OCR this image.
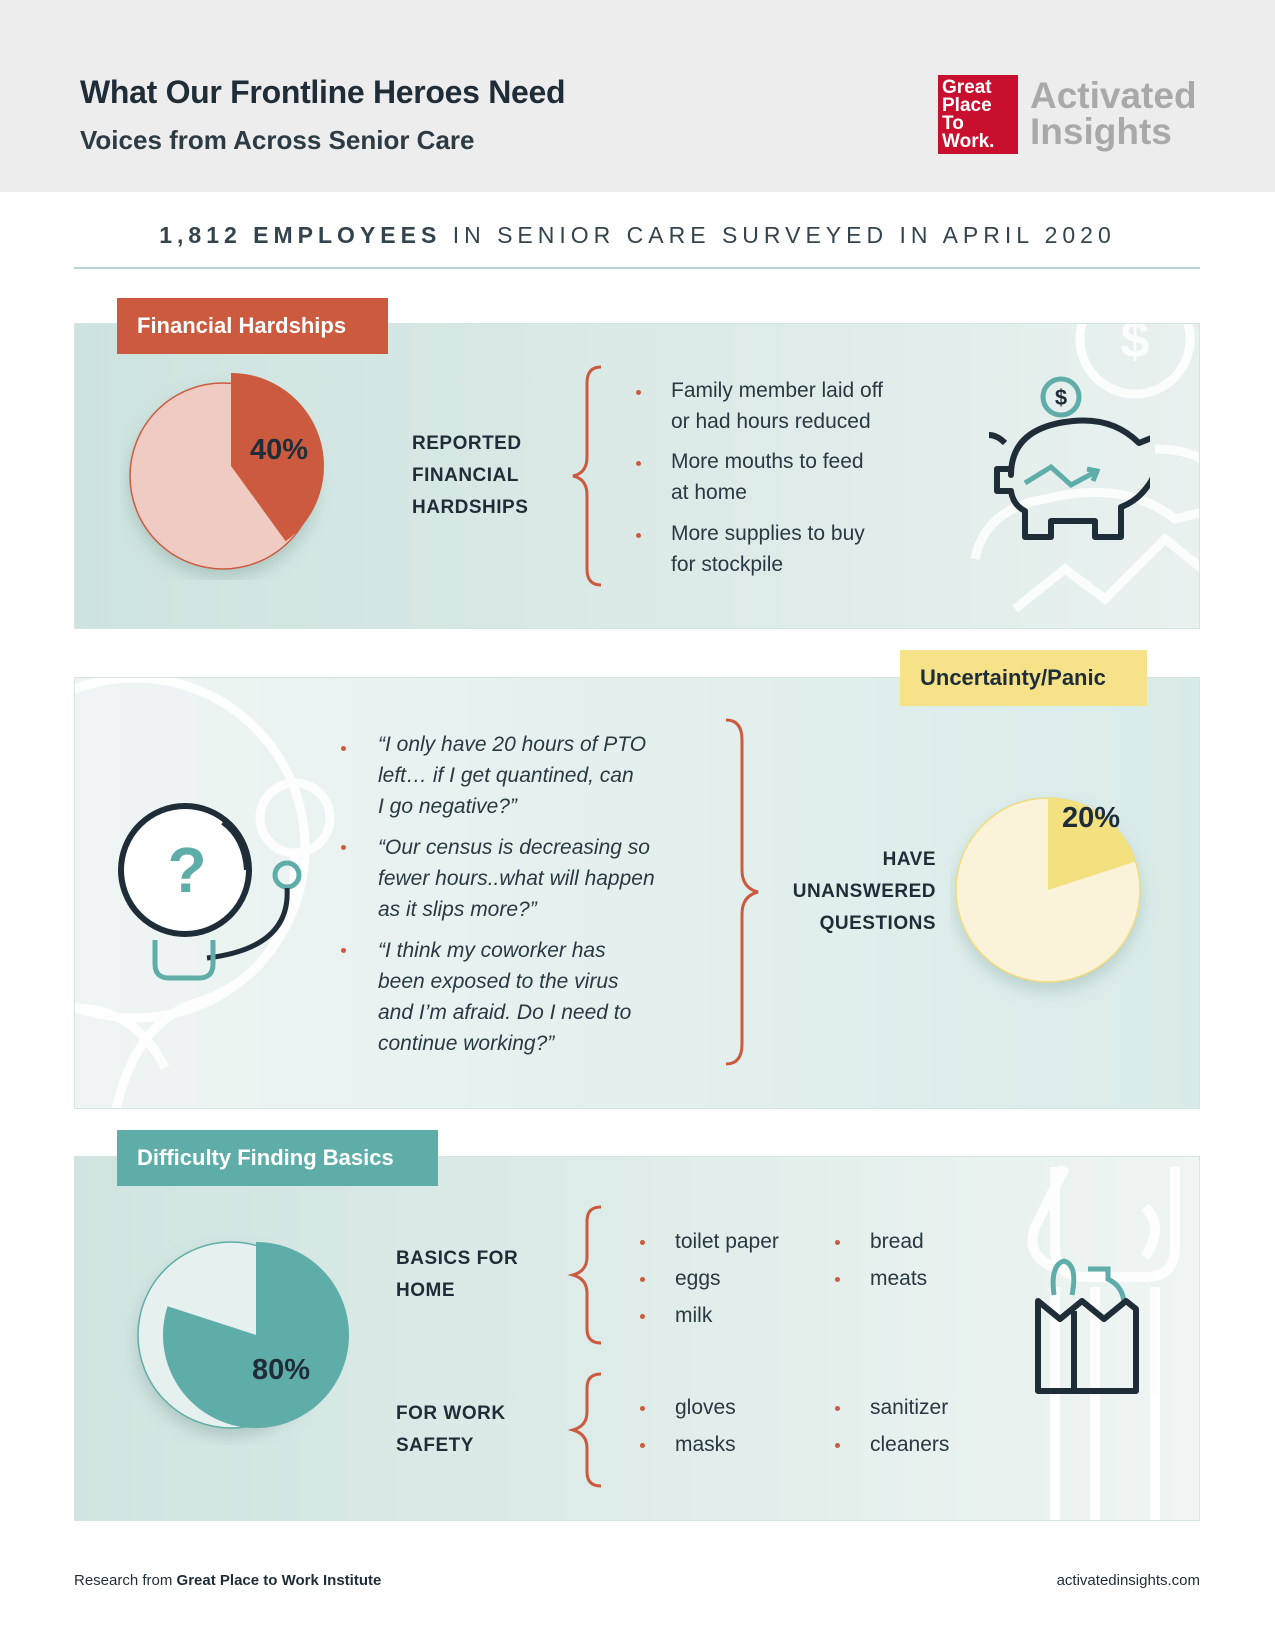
What Our Frontline Heroes Need
Voices from Across Senior Care
Great
Place
To
Work.
Activated
Insights
1,812 EMPLOYEES IN SENIOR CARE SURVEYED IN APRIL 2020
$
Financial Hardships
40%	REPORTED
FINANCIAL
HARDSHIPS
Family member laid off
or had hours reduced
More mouths to feed
at home
More supplies to buy
for stockpile
$
Uncertainty/Panic
?
“I only have 20 hours of PTO
left… if I get quantined, can
I go negative?”
“Our census is decreasing so
fewer hours..what will happen
as it slips more?”
“I think my coworker has
been exposed to the virus
and I’m afraid. Do I need to
continue working?”
HAVE
UNANSWERED
QUESTIONS
20%
Difficulty Finding Basics
80%
BASICS FOR
HOME
toilet paper
eggs
milk
bread
meats
FOR WORK
SAFETY
gloves
masks
sanitizer
cleaners
Research from Great Place to Work Institute	activatedinsights.com
